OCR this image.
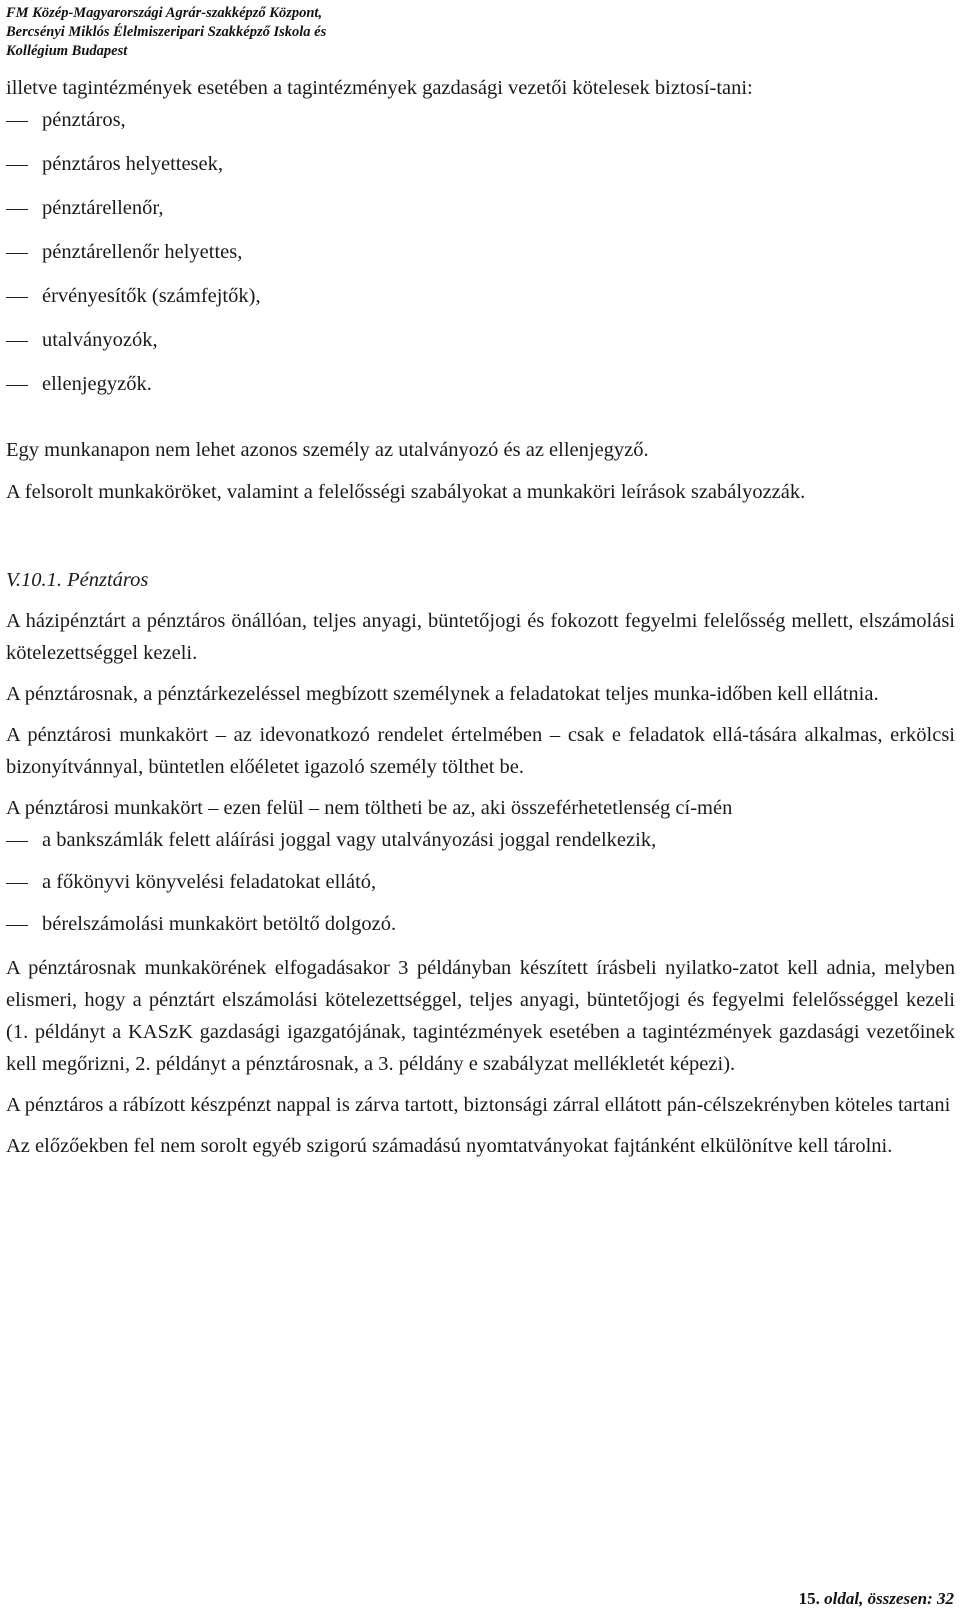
FM Közép-Magyarországi Agrár-szakképző Központ,
Bercsényi Miklós Élelmiszeripari Szakképző Iskola és
Kollégium Budapest

illetve tagintézmények esetében a tagintézmények gazdasági vezetői kötelesek biztosí-tani:

pénztáros,
pénztáros helyettesek,
pénztárellenőr,
pénztárellenőr helyettes,
érvényesítők (számfejtők),
utalványozók,
ellenjegyzők.

Egy munkanapon nem lehet azonos személy az utalványozó és az ellenjegyző.

A felsorolt munkaköröket, valamint a felelősségi szabályokat a munkaköri leírások szabályozzák.

V.10.1. Pénztáros

A házipénztárt a pénztáros önállóan, teljes anyagi, büntetőjogi és fokozott fegyelmi felelősség mellett, elszámolási kötelezettséggel kezeli.

A pénztárosnak, a pénztárkezeléssel megbízott személynek a feladatokat teljes munka-időben kell ellátnia.

A pénztárosi munkakört – az idevonatkozó rendelet értelmében – csak e feladatok ellá-tására alkalmas, erkölcsi bizonyítvánnyal, büntetlen előéletet igazoló személy tölthet be.

A pénztárosi munkakört – ezen felül – nem töltheti be az, aki összeférhetetlenség cí-mén

a bankszámlák felett aláírási joggal vagy utalványozási joggal rendelkezik,
a főkönyvi könyvelési feladatokat ellátó,
bérelszámolási munkakört betöltő dolgozó.

A pénztárosnak munkakörének elfogadásakor 3 példányban készített írásbeli nyilatko-zatot kell adnia, melyben elismeri, hogy a pénztárt elszámolási kötelezettséggel, teljes anyagi, büntetőjogi és fegyelmi felelősséggel kezeli (1. példányt a KASzK gazdasági igazgatójának, tagintézmények esetében a tagintézmények gazdasági vezetőinek kell megőrizni, 2. példányt a pénztárosnak, a 3. példány e szabályzat mellékletét képezi).

A pénztáros a rábízott készpénzt nappal is zárva tartott, biztonsági zárral ellátott pán-célszekrényben köteles tartani

Az előzőekben fel nem sorolt egyéb szigorú számadású nyomtatványokat fajtánként elkülönítve kell tárolni.

15. oldal, összesen: 32
